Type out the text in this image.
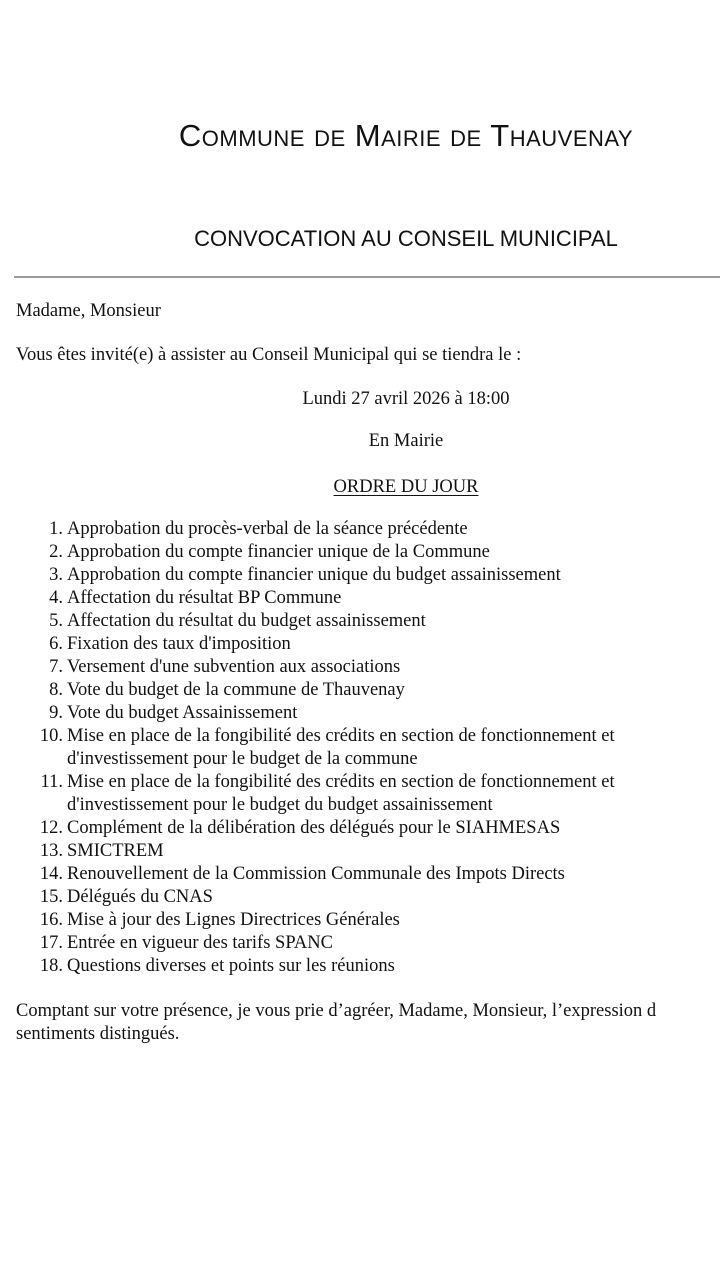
Commune de Mairie de Thauvenay
CONVOCATION AU CONSEIL MUNICIPAL

Madame, Monsieur

Vous êtes invité(e) à assister au Conseil Municipal qui se tiendra le :

Lundi 27 avril 2026 à 18:00

En Mairie

ORDRE DU JOUR

1. Approbation du procès-verbal de la séance précédente
2. Approbation du compte financier unique de la Commune
3. Approbation du compte financier unique du budget assainissement
4. Affectation du résultat BP Commune
5. Affectation du résultat du budget assainissement
6. Fixation des taux d'imposition
7. Versement d'une subvention aux associations
8. Vote du budget de la commune de Thauvenay
9. Vote du budget Assainissement
10. Mise en place de la fongibilité des crédits en section de fonctionnement et
d'investissement pour le budget de la commune
11. Mise en place de la fongibilité des crédits en section de fonctionnement et
d'investissement pour le budget du budget assainissement
12. Complément de la délibération des délégués pour le SIAHMESAS
13. SMICTREM
14. Renouvellement de la Commission Communale des Impots Directs
15. Délégués du CNAS
16. Mise à jour des Lignes Directrices Générales
17. Entrée en vigueur des tarifs SPANC
18. Questions diverses et points sur les réunions

Comptant sur votre présence, je vous prie d’agréer, Madame, Monsieur, l’expression d
sentiments distingués.
